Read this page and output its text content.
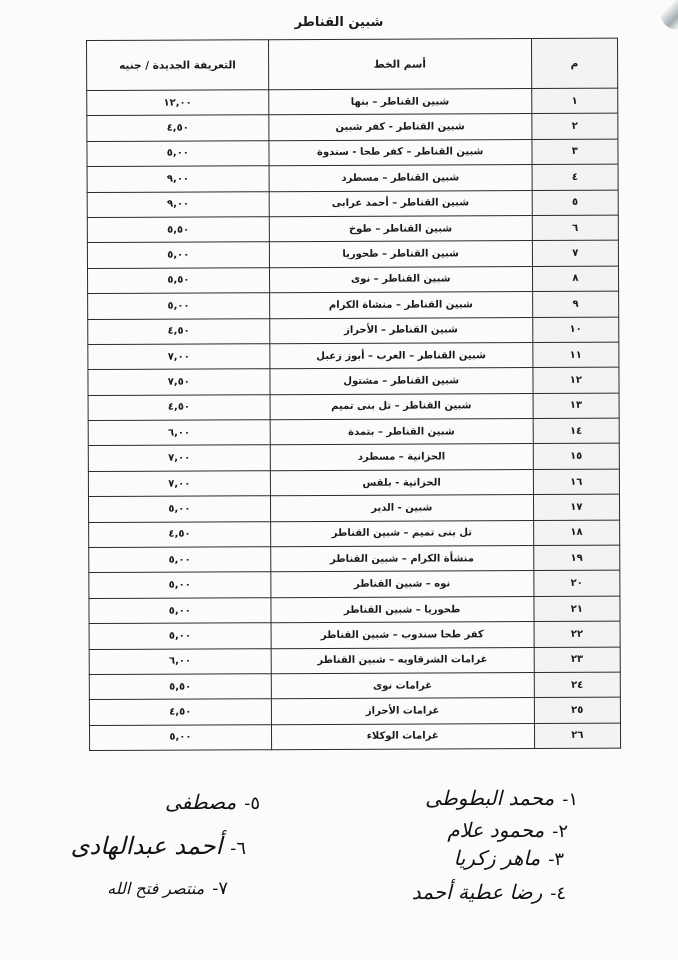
شبين القناطر
م	أسم الخط	التعريفة الجديدة / جنيه
١	شبين القناطر – بنها	١٢,٠٠
٢	شبين القناطر - كفر شبين	٤,٥٠
٣	شبين القناطر – كفر طحا - سندوة	٥,٠٠
٤	شبين القناطر – مسطرد	٩,٠٠
٥	شبين القناطر – أحمد عرابى	٩,٠٠
٦	شبين القناطر – طوخ	٥,٥٠
٧	شبين القناطر – طحوريا	٥,٠٠
٨	شبين القناطر – نوى	٥,٥٠
٩	شبين القناطر – منشاة الكرام	٥,٠٠
١٠	شبين القناطر – الأحراز	٤,٥٠
١١	شبين القناطر – العرب – أبوز زعبل	٧,٠٠
١٢	شبين القناطر – مشتول	٧,٥٠
١٣	شبين القناطر – تل بنى تميم	٤,٥٠
١٤	شبين القناطر – بتمدة	٦,٠٠
١٥	الحزانية – مسطرد	٧,٠٠
١٦	الحزانية - بلقس	٧,٠٠
١٧	شبين - الدير	٥,٠٠
١٨	تل بنى تميم – شبين القناطر	٤,٥٠
١٩	منشأة الكرام – شبين القناطر	٥,٠٠
٢٠	نوه – شبين القناطر	٥,٠٠
٢١	طحوريا – شبين القناطر	٥,٠٠
٢٢	كفر طحا سندوب – شبين القناطر	٥,٠٠
٢٣	غرامات الشرقاويه – شبين القناطر	٦,٠٠
٢٤	غرامات نوى	٥,٥٠
٢٥	غرامات الأحراز	٤,٥٠
٢٦	غرامات الوكلاء	٥,٠٠
١-محمد البطوطى
٢-محمود علام
٣-ماهر زكريا
٤-رضا عطية أحمد
٥-مصطفى
٦-أحمد عبدالهادى
٧-منتصر فتح الله
